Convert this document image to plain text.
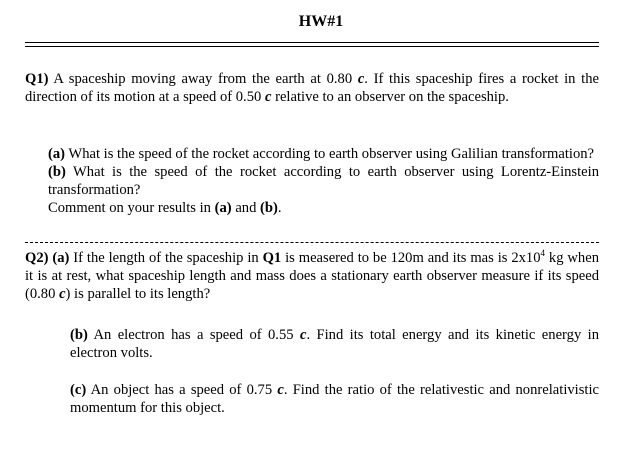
HW#1
Q1) A spaceship moving away from the earth at 0.80 c. If this spaceship fires a rocket in the direction of its motion at a speed of 0.50 c relative to an observer on the spaceship.
(a) What is the speed of the rocket according to earth observer using Galilian transformation?
(b) What is the speed of the rocket according to earth observer using Lorentz-Einstein transformation?
Comment on your results in (a) and (b).
Q2) (a) If the length of the spaceship in Q1 is measered to be 120m and its mas is $2x10^4$ kg when it is at rest, what spaceship length and mass does a stationary earth observer measure if its speed (0.80 c) is parallel to its length?
(b) An electron has a speed of 0.55 c. Find its total energy and its kinetic energy in electron volts.
(c) An object has a speed of 0.75 c. Find the ratio of the relativestic and nonrelativistic momentum for this object.
